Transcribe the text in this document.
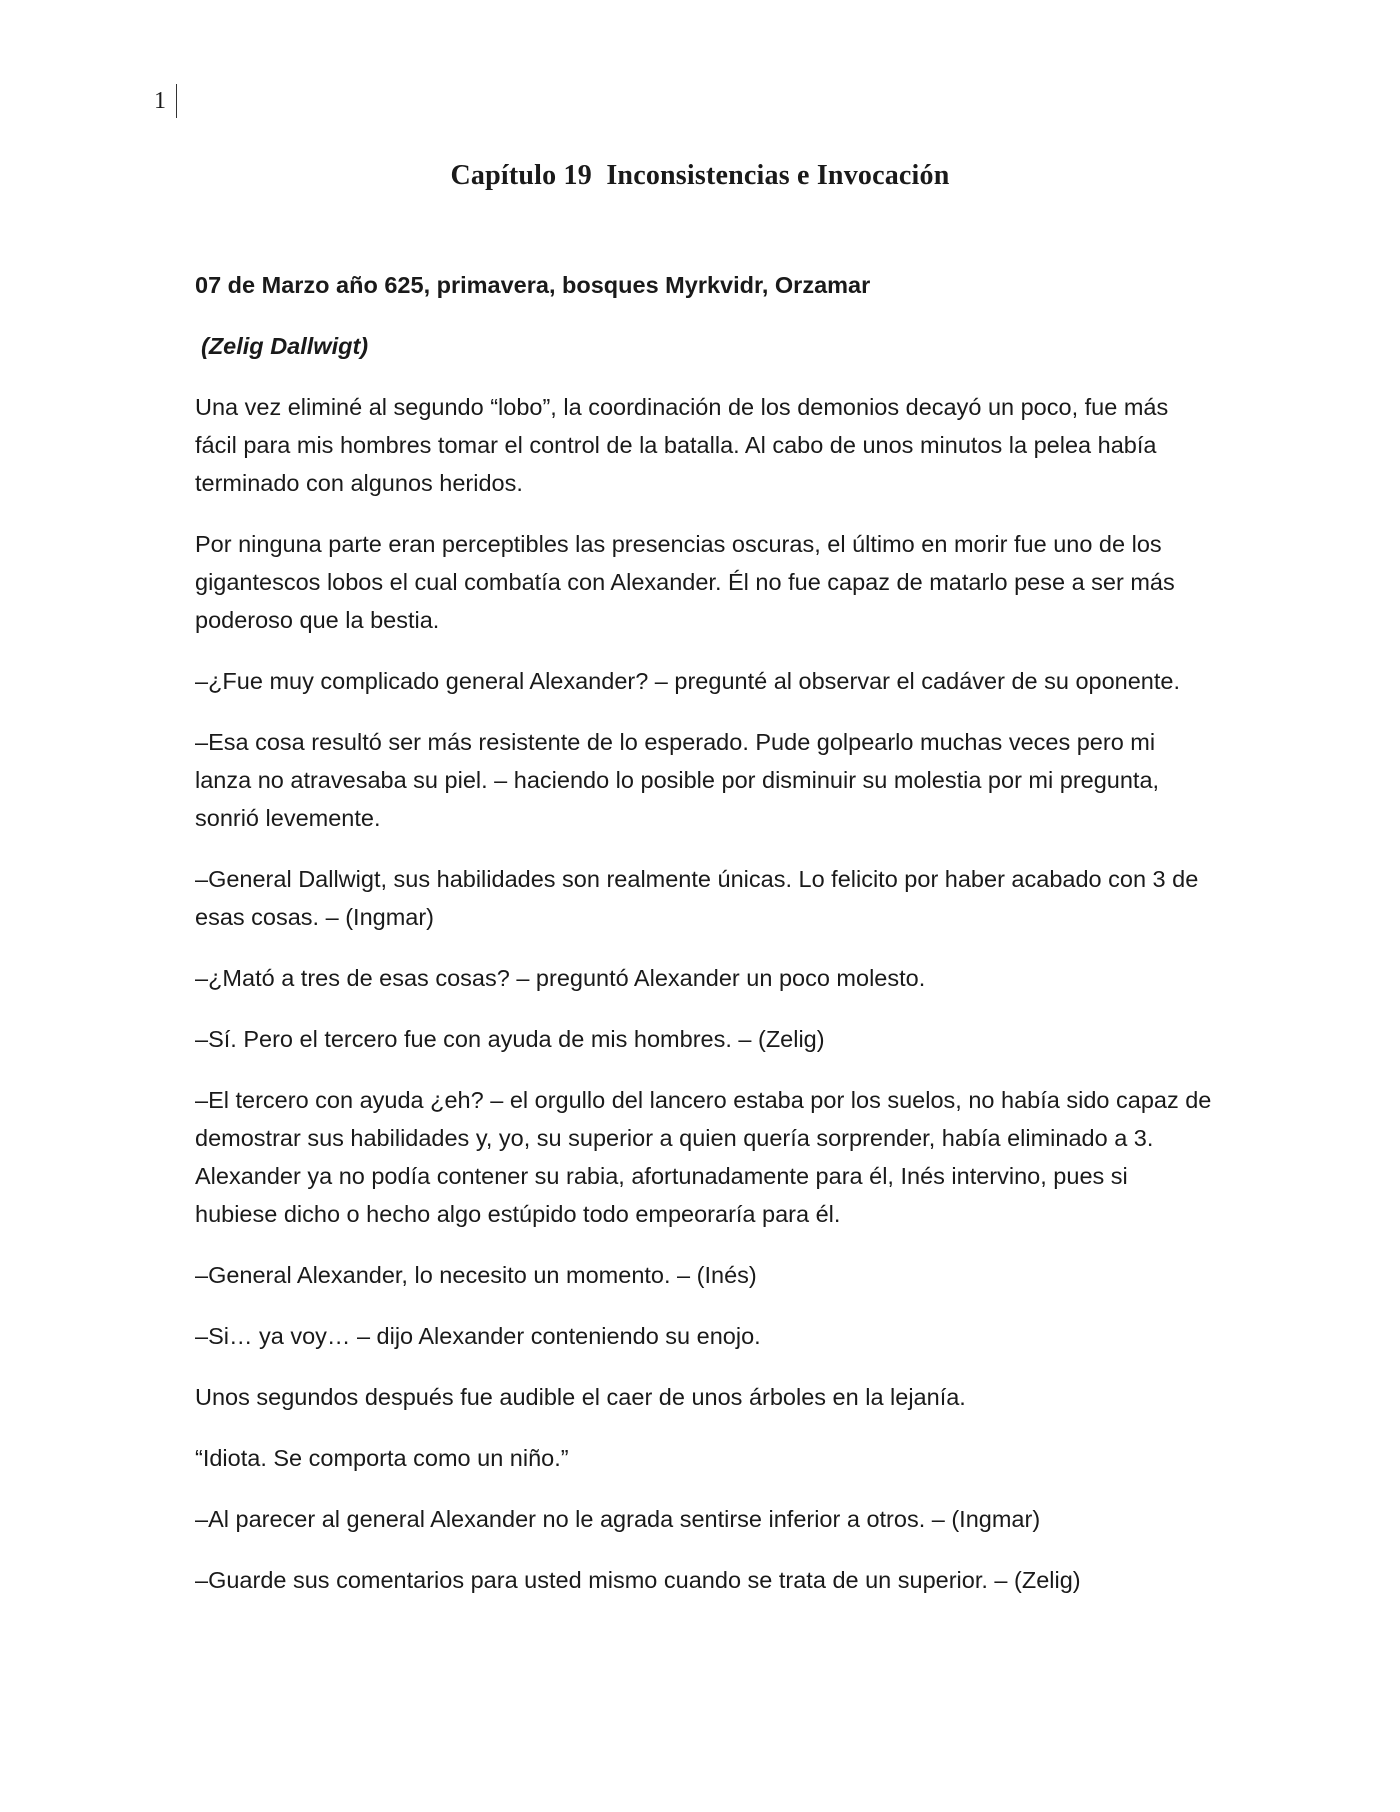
1
Capítulo 19  Inconsistencias e Invocación

07 de Marzo año 625, primavera, bosques Myrkvidr, Orzamar

(Zelig Dallwigt)

Una vez eliminé al segundo “lobo”, la coordinación de los demonios decayó un poco, fue más fácil para mis hombres tomar el control de la batalla. Al cabo de unos minutos la pelea había terminado con algunos heridos.

Por ninguna parte eran perceptibles las presencias oscuras, el último en morir fue uno de los gigantescos lobos el cual combatía con Alexander. Él no fue capaz de matarlo pese a ser más poderoso que la bestia.

–¿Fue muy complicado general Alexander? – pregunté al observar el cadáver de su oponente.

–Esa cosa resultó ser más resistente de lo esperado. Pude golpearlo muchas veces pero mi lanza no atravesaba su piel. – haciendo lo posible por disminuir su molestia por mi pregunta, sonrió levemente.

–General Dallwigt, sus habilidades son realmente únicas. Lo felicito por haber acabado con 3 de esas cosas. – (Ingmar)

–¿Mató a tres de esas cosas? – preguntó Alexander un poco molesto.

–Sí. Pero el tercero fue con ayuda de mis hombres. – (Zelig)

–El tercero con ayuda ¿eh? – el orgullo del lancero estaba por los suelos, no había sido capaz de demostrar sus habilidades y, yo, su superior a quien quería sorprender, había eliminado a 3. Alexander ya no podía contener su rabia, afortunadamente para él, Inés intervino, pues si hubiese dicho o hecho algo estúpido todo empeoraría para él.

–General Alexander, lo necesito un momento. – (Inés)

–Si… ya voy… – dijo Alexander conteniendo su enojo.

Unos segundos después fue audible el caer de unos árboles en la lejanía.

“Idiota. Se comporta como un niño.”

–Al parecer al general Alexander no le agrada sentirse inferior a otros. – (Ingmar)

–Guarde sus comentarios para usted mismo cuando se trata de un superior. – (Zelig)
